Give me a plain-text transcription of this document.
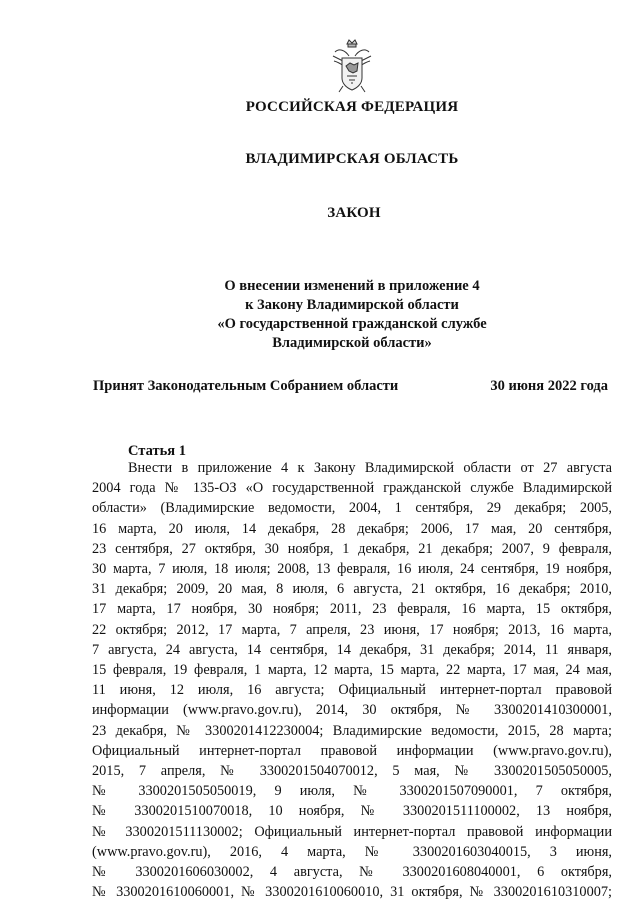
РОССИЙСКАЯ ФЕДЕРАЦИЯ
ВЛАДИМИРСКАЯ ОБЛАСТЬ
ЗАКОН
О внесении изменений в приложение 4
к Закону Владимирской области
«О государственной гражданской службе
Владимирской области»
Принят Законодательным Собранием области	30 июня 2022 года
Статья 1
Внести в приложение 4 к Закону Владимирской области от 27 августа
2004 года № 135-ОЗ «О государственной гражданской службе Владимирской
области» (Владимирские ведомости, 2004, 1 сентября, 29 декабря; 2005,
16 марта, 20 июля, 14 декабря, 28 декабря; 2006, 17 мая, 20 сентября,
23 сентября, 27 октября, 30 ноября, 1 декабря, 21 декабря; 2007, 9 февраля,
30 марта, 7 июля, 18 июля; 2008, 13 февраля, 16 июля, 24 сентября, 19 ноября,
31 декабря; 2009, 20 мая, 8 июля, 6 августа, 21 октября, 16 декабря; 2010,
17 марта, 17 ноября, 30 ноября; 2011, 23 февраля, 16 марта, 15 октября,
22 октября; 2012, 17 марта, 7 апреля, 23 июня, 17 ноября; 2013, 16 марта,
7 августа, 24 августа, 14 сентября, 14 декабря, 31 декабря; 2014, 11 января,
15 февраля, 19 февраля, 1 марта, 12 марта, 15 марта, 22 марта, 17 мая, 24 мая,
11 июня, 12 июля, 16 августа; Официальный интернет-портал правовой
информации (www.pravo.gov.ru), 2014, 30 октября, № 3300201410300001,
23 декабря, № 3300201412230004; Владимирские ведомости, 2015, 28 марта;
Официальный интернет-портал правовой информации (www.pravo.gov.ru),
2015, 7 апреля, № 3300201504070012, 5 мая, № 3300201505050005,
№ 3300201505050019, 9 июля, № 3300201507090001, 7 октября,
№ 3300201510070018, 10 ноября, № 3300201511100002, 13 ноября,
№ 3300201511130002; Официальный интернет-портал правовой информации
(www.pravo.gov.ru), 2016, 4 марта, № 3300201603040015, 3 июня,
№ 3300201606030002, 4 августа, № 3300201608040001, 6 октября,
№ 3300201610060001, № 3300201610060010, 31 октября, № 3300201610310007;
